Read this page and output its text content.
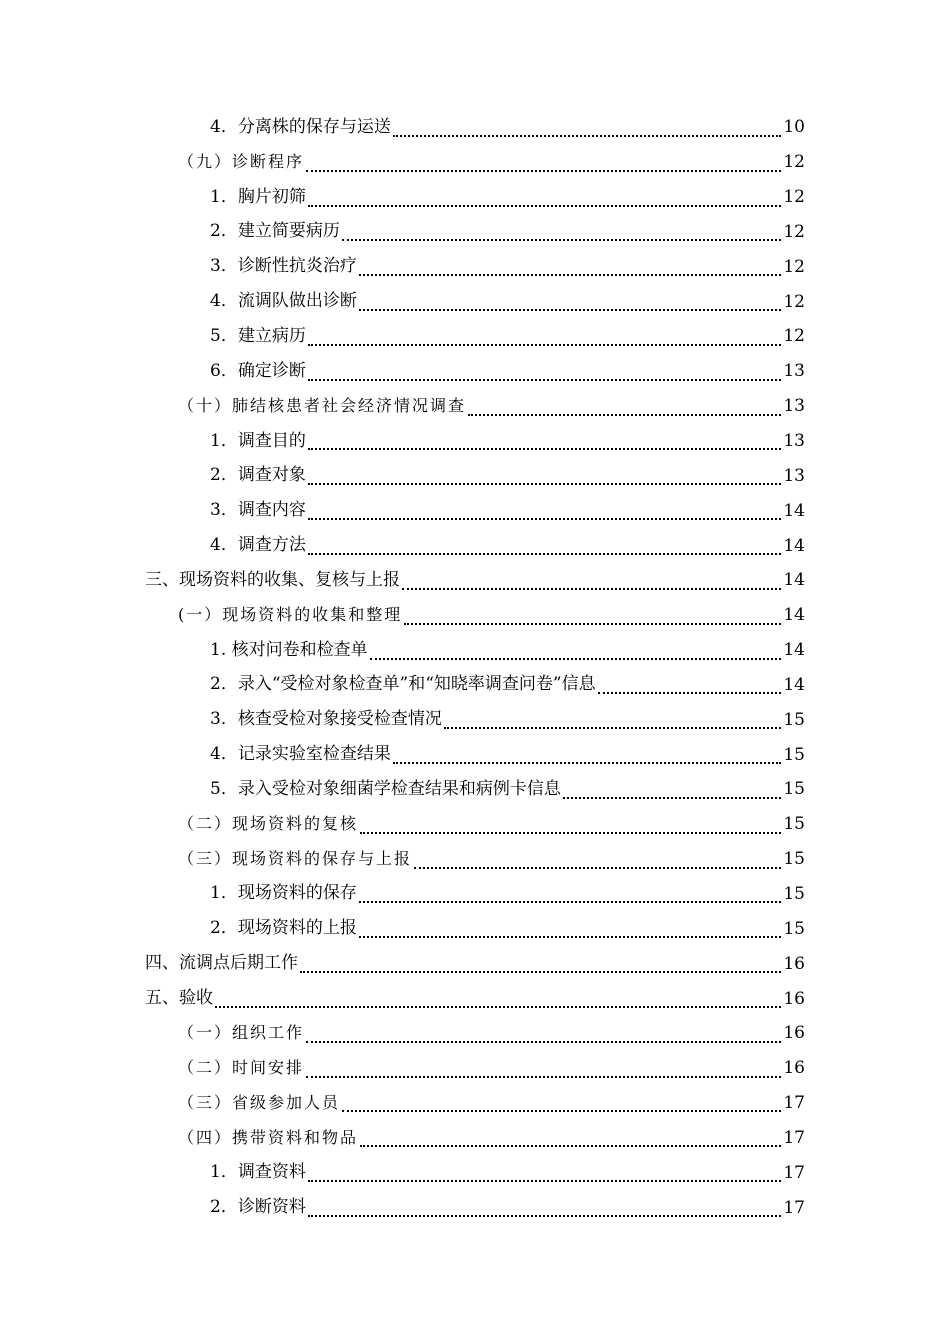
4．分离株的保存与运送	10
（九）诊断程序	12
1．胸片初筛	12
2．建立简要病历	12
3．诊断性抗炎治疗	12
4．流调队做出诊断	12
5．建立病历	12
6．确定诊断	13
（十）肺结核患者社会经济情况调查	13
1．调查目的	13
2．调查对象	13
3．调查内容	14
4．调查方法	14
三、现场资料的收集、复核与上报	14
(一）现场资料的收集和整理	14
1. 核对问卷和检查单	14
2．录入“受检对象检查单”和“知晓率调查问卷”信息	14
3．核查受检对象接受检查情况	15
4．记录实验室检查结果	15
5．录入受检对象细菌学检查结果和病例卡信息	15
（二）现场资料的复核	15
（三）现场资料的保存与上报	15
1．现场资料的保存	15
2．现场资料的上报	15
四、流调点后期工作	16
五、验收	16
（一）组织工作	16
（二）时间安排	16
（三）省级参加人员	17
（四）携带资料和物品	17
1．调查资料	17
2．诊断资料	17
